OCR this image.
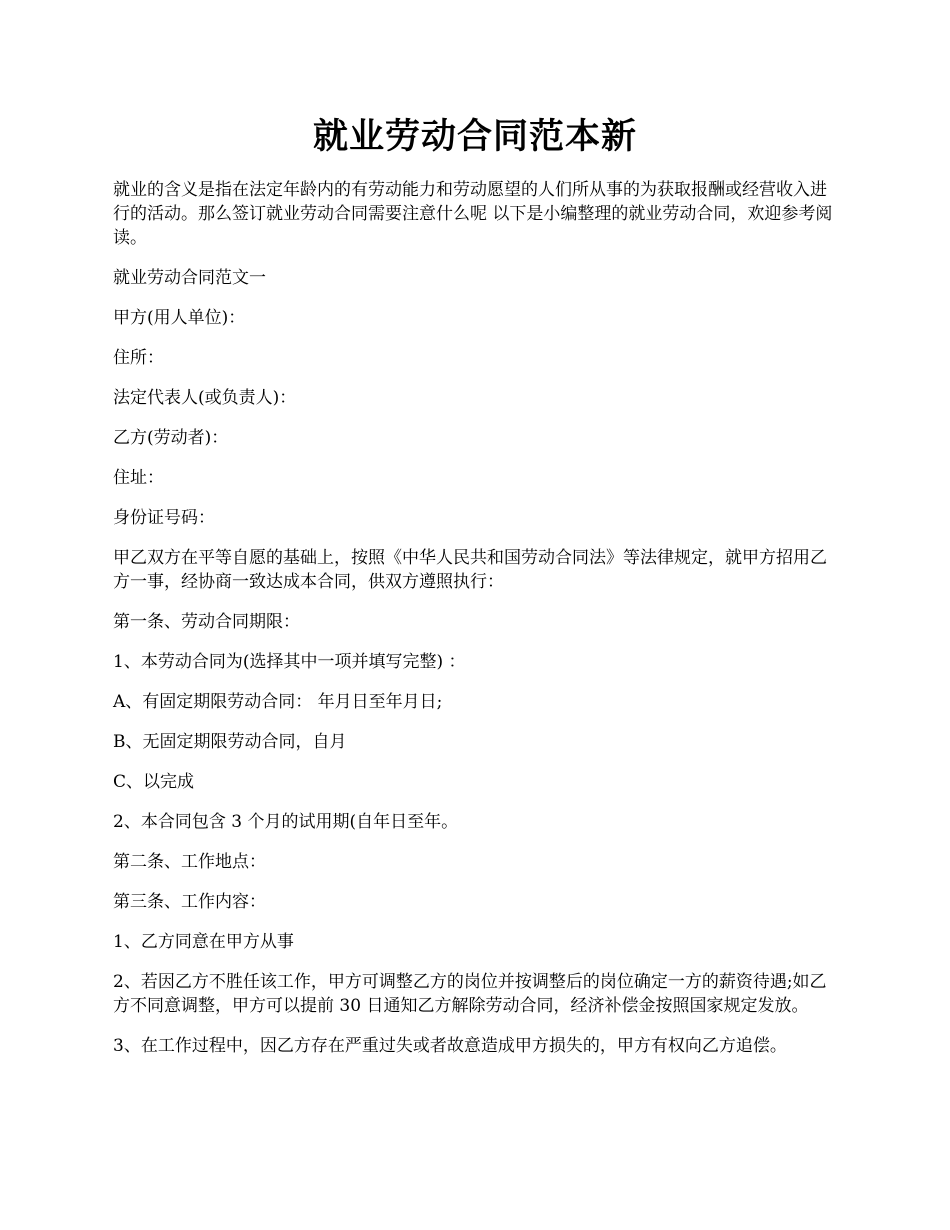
就业劳动合同范本新

就业的含义是指在法定年龄内的有劳动能力和劳动愿望的人们所从事的为获取报酬或经营收入进行的活动。那么签订就业劳动合同需要注意什么呢 以下是小编整理的就业劳动合同，欢迎参考阅读。

就业劳动合同范文一

甲方(用人单位)：

住所：

法定代表人(或负责人)：

乙方(劳动者)：

住址：

身份证号码：

甲乙双方在平等自愿的基础上，按照《中华人民共和国劳动合同法》等法律规定，就甲方招用乙方一事，经协商一致达成本合同，供双方遵照执行：

第一条、劳动合同期限：

1、本劳动合同为(选择其中一项并填写完整) ：

A、有固定期限劳动合同： 年月日至年月日;

B、无固定期限劳动合同，自月

C、以完成

2、本合同包含 3 个月的试用期(自年日至年。

第二条、工作地点：

第三条、工作内容：

1、乙方同意在甲方从事

2、若因乙方不胜任该工作，甲方可调整乙方的岗位并按调整后的岗位确定一方的薪资待遇;如乙方不同意调整，甲方可以提前 30 日通知乙方解除劳动合同，经济补偿金按照国家规定发放。

3、在工作过程中，因乙方存在严重过失或者故意造成甲方损失的，甲方有权向乙方追偿。
